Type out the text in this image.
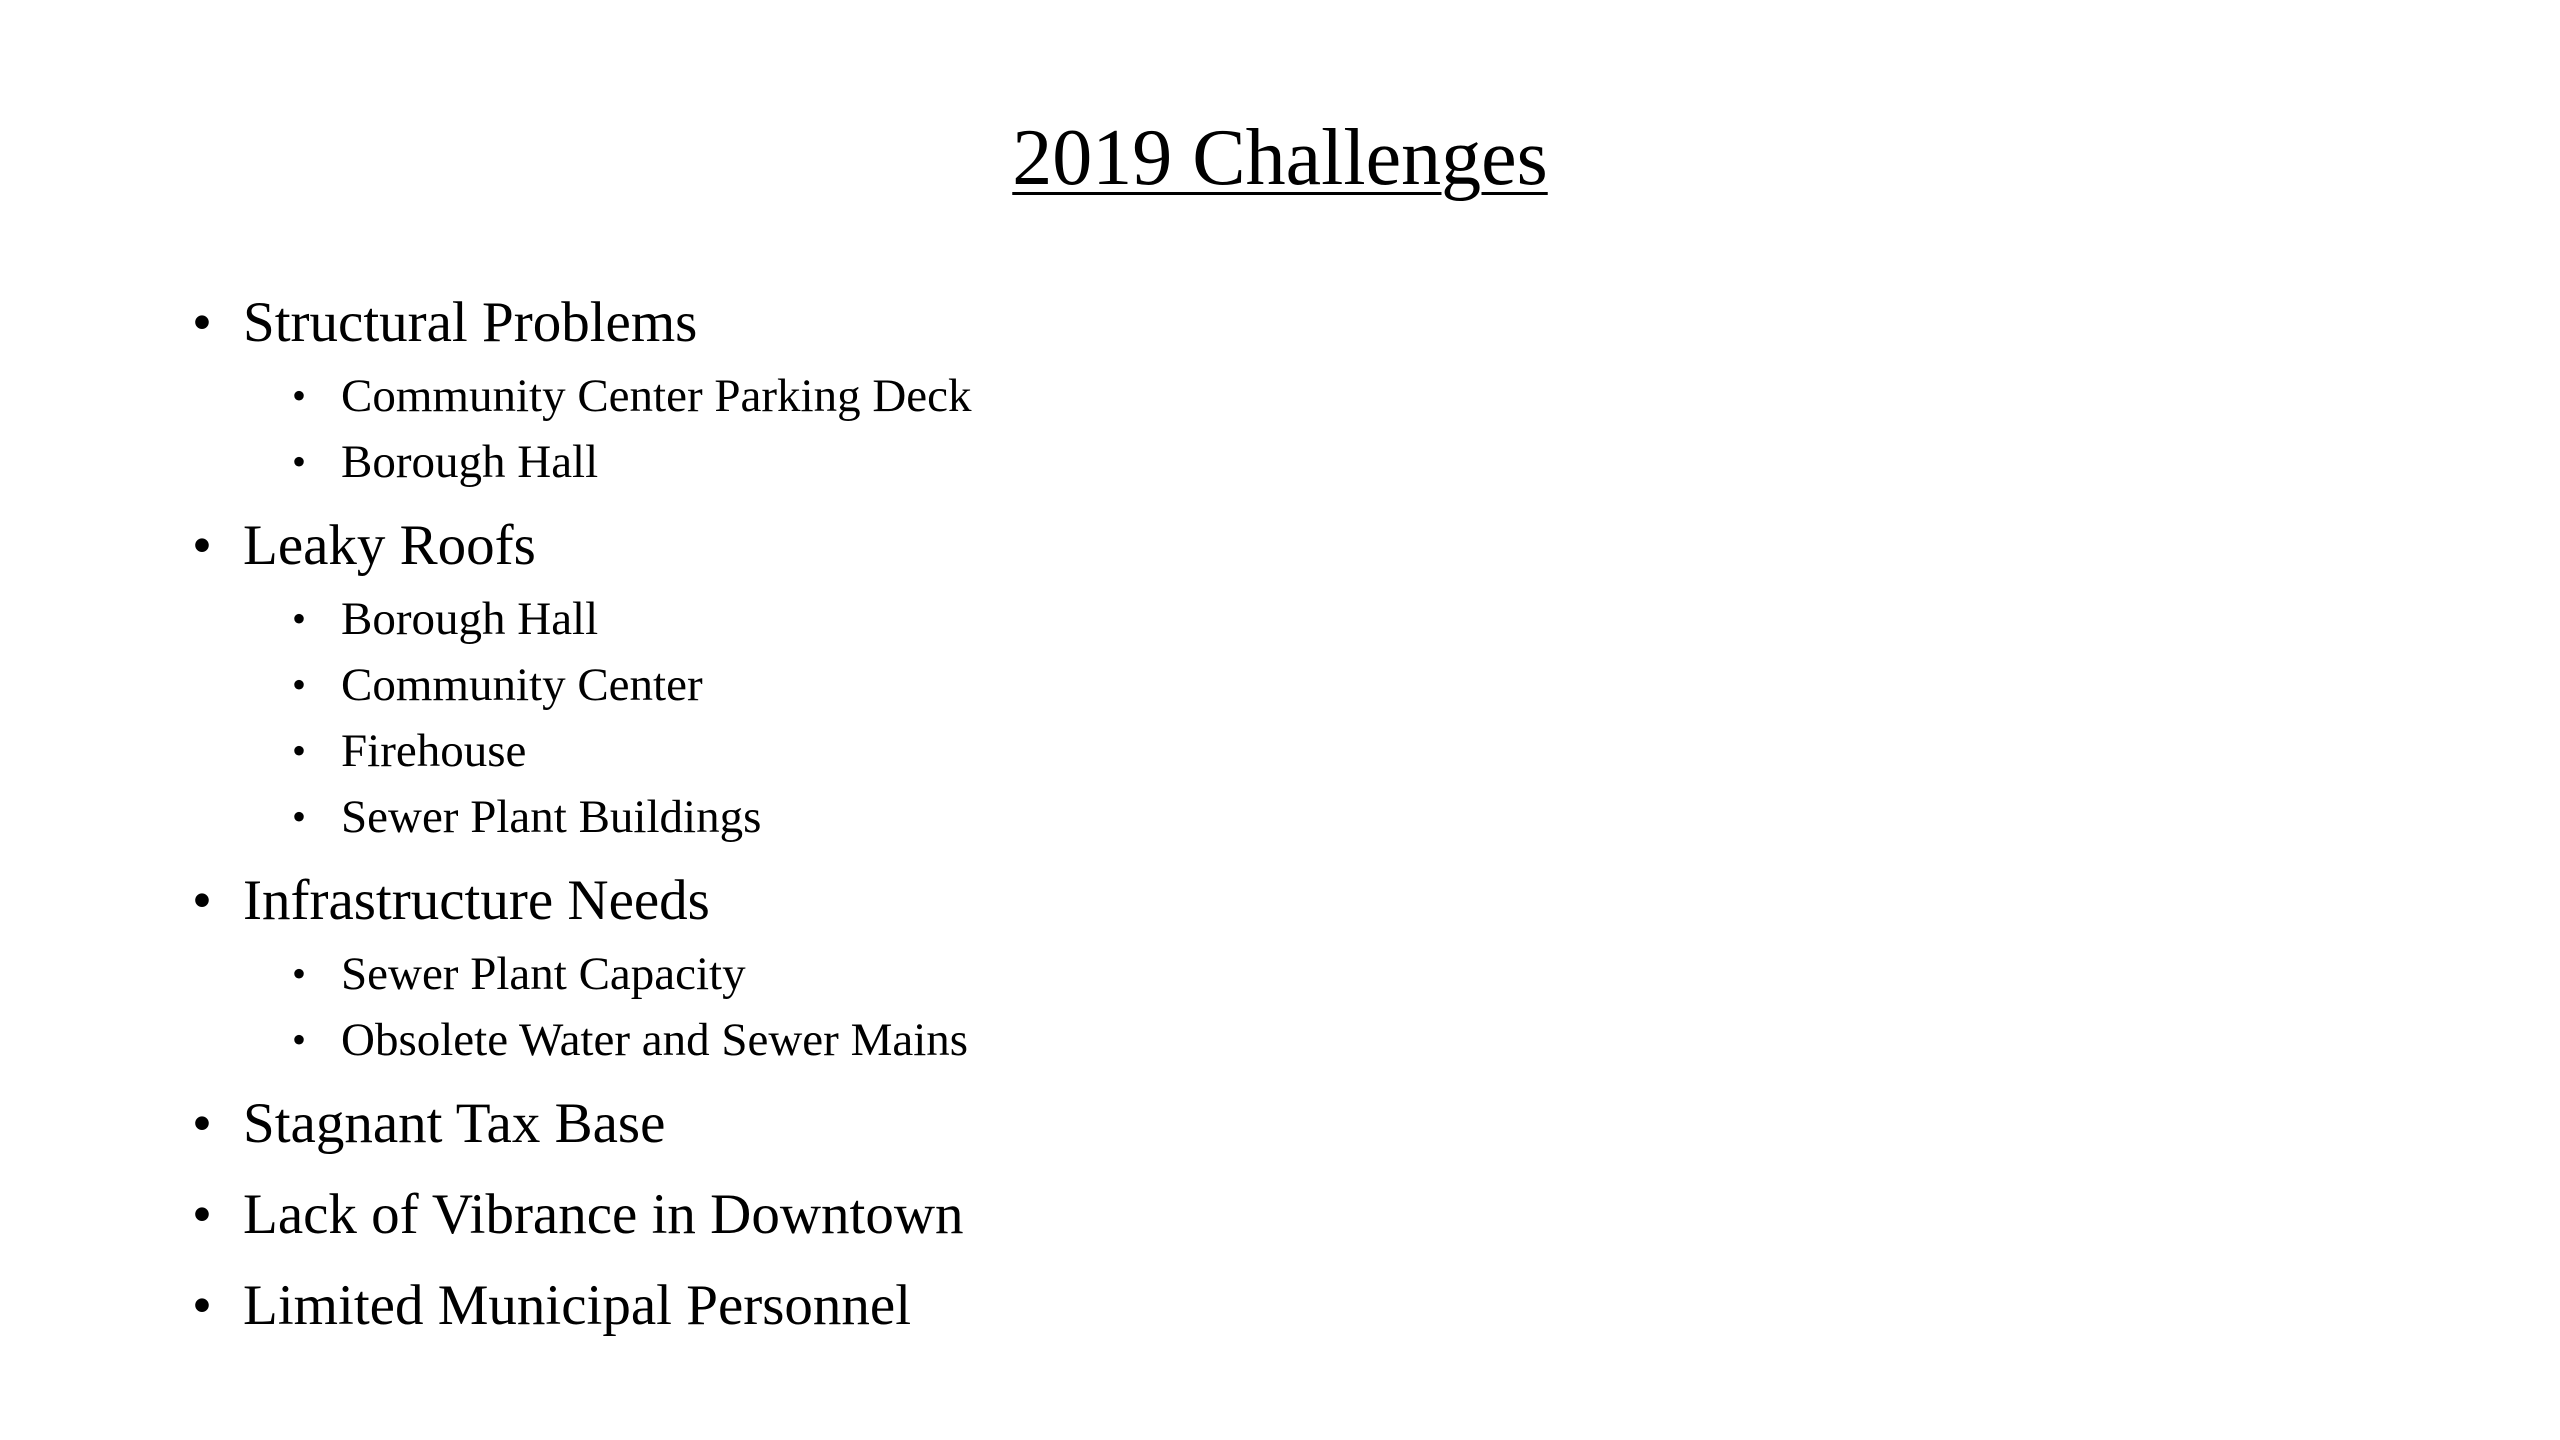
2019 Challenges
• Structural Problems
• Community Center Parking Deck
• Borough Hall
• Leaky Roofs
• Borough Hall
• Community Center
• Firehouse
• Sewer Plant Buildings
• Infrastructure Needs
• Sewer Plant Capacity
• Obsolete Water and Sewer Mains
• Stagnant Tax Base
• Lack of Vibrance in Downtown
• Limited Municipal Personnel
